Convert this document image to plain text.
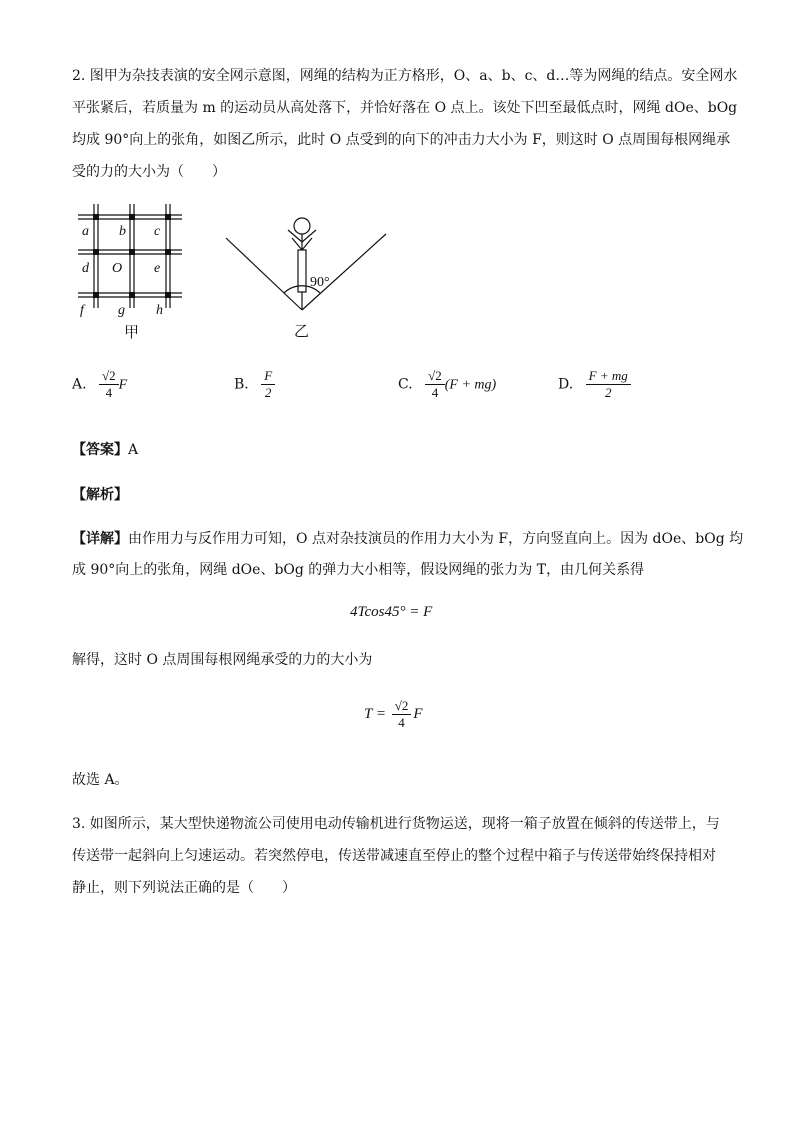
2. 图甲为杂技表演的安全网示意图，网绳的结构为正方格形，O、a、b、c、d…等为网绳的结点。安全网水
平张紧后，若质量为 m 的运动员从高处落下，并恰好落在 O 点上。该处下凹至最低点时，网绳 dOe、bOg
均成 90°向上的张角，如图乙所示，此时 O 点受到的向下的冲击力大小为 F，则这时 O 点周围每根网绳承
受的力的大小为（　　）
a b c
d O e
f g h
甲
90°
乙
A. $\frac{√2}{4}$ F	B. $\frac{F}{2}$	C. $\frac{√2}{4} (F + mg)$	D. $\frac{F + mg}{2}$
【答案】A
【解析】
【详解】由作用力与反作用力可知，O 点对杂技演员的作用力大小为 F，方向竖直向上。因为 dOe、bOg 均
成 90°向上的张角，网绳 dOe、bOg 的弹力大小相等，假设网绳的张力为 T，由几何关系得
4Tcos45° = F
解得，这时 O 点周围每根网绳承受的力的大小为
$T = \frac{√2}{4}$ F
故选 A。
3. 如图所示，某大型快递物流公司使用电动传输机进行货物运送，现将一箱子放置在倾斜的传送带上，与
传送带一起斜向上匀速运动。若突然停电，传送带减速直至停止的整个过程中箱子与传送带始终保持相对
静止，则下列说法正确的是（　　）
